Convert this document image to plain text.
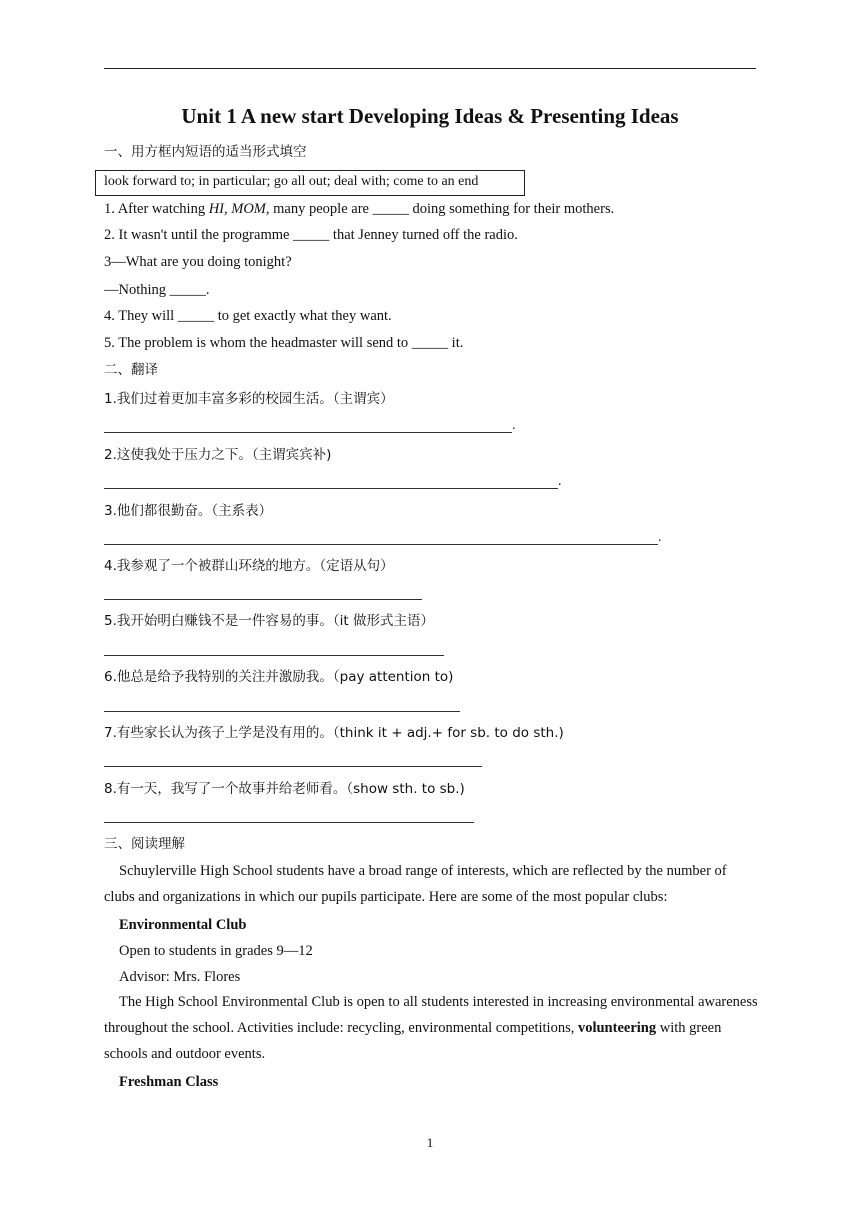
Unit 1 A new start Developing Ideas & Presenting Ideas
一、用方框内短语的适当形式填空
look forward to; in particular; go all out; deal with; come to an end
1. After watching HI, MOM, many people are _____ doing something for their mothers.
2. It wasn't until the programme _____ that Jenney turned off the radio.
3—What are you doing tonight?
—Nothing _____.
4. They will _____ to get exactly what they want.
5. The problem is whom the headmaster will send to _____ it.
二、翻译
1.我们过着更加丰富多彩的校园生活。（主谓宾）
.
2.这使我处于压力之下。（主谓宾宾补)
.
3.他们都很勤奋。（主系表）
.
4.我参观了一个被群山环绕的地方。（定语从句）
5.我开始明白赚钱不是一件容易的事。（it 做形式主语）
6.他总是给予我特别的关注并激励我。（pay attention to)
7.有些家长认为孩子上学是没有用的。（think it + adj.+ for sb. to do sth.)
8.有一天，我写了一个故事并给老师看。（show sth. to sb.)
三、阅读理解
Schuylerville High School students have a broad range of interests, which are reflected by the number of clubs and organizations in which our pupils participate. Here are some of the most popular clubs:
Environmental Club
Open to students in grades 9—12
Advisor: Mrs. Flores
The High School Environmental Club is open to all students interested in increasing environmental awareness throughout the school. Activities include: recycling, environmental competitions, volunteering with green schools and outdoor events.
Freshman Class
1
